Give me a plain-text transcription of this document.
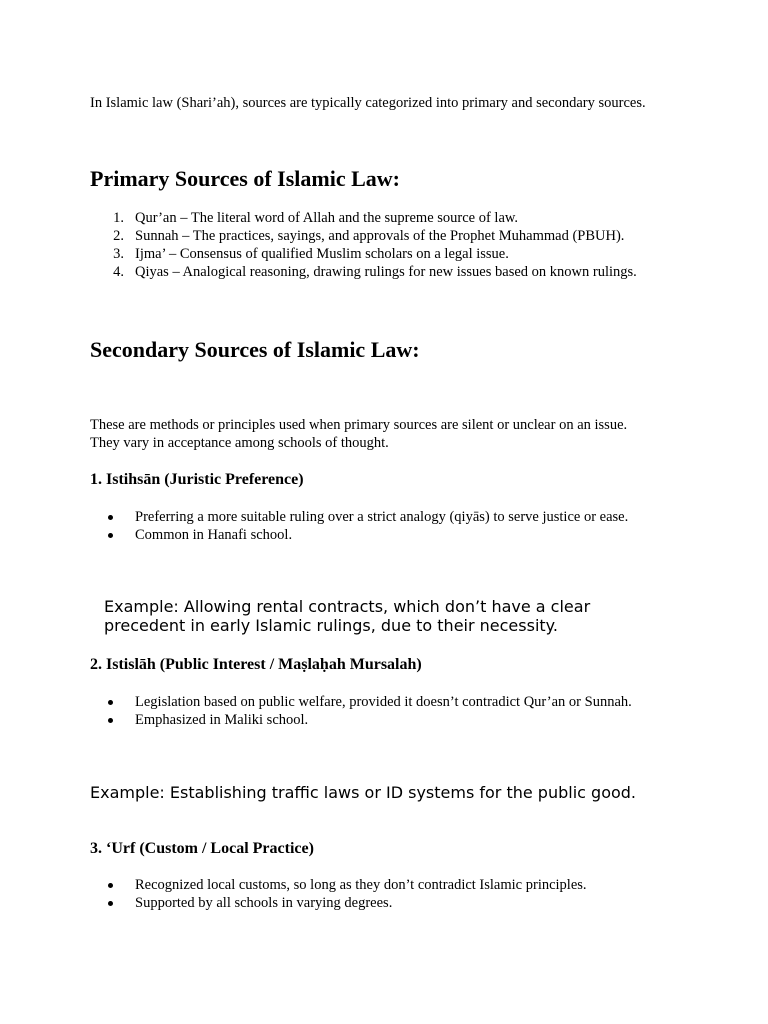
In Islamic law (Shari’ah), sources are typically categorized into primary and secondary sources.

Primary Sources of Islamic Law:
1. Qur’an – The literal word of Allah and the supreme source of law.
2. Sunnah – The practices, sayings, and approvals of the Prophet Muhammad (PBUH).
3. Ijma’ – Consensus of qualified Muslim scholars on a legal issue.
4. Qiyas – Analogical reasoning, drawing rulings for new issues based on known rulings.
Secondary Sources of Islamic Law:

These are methods or principles used when primary sources are silent or unclear on an issue.

They vary in acceptance among schools of thought.

1. Istihsān (Juristic Preference)
Preferring a more suitable ruling over a strict analogy (qiyās) to serve justice or ease.
Common in Hanafi school.

Example: Allowing rental contracts, which don’t have a clear

precedent in early Islamic rulings, due to their necessity.

2. Istislāh (Public Interest / Maṣlaḥah Mursalah)
Legislation based on public welfare, provided it doesn’t contradict Qur’an or Sunnah.
Emphasized in Maliki school.

Example: Establishing traffic laws or ID systems for the public good.

3. ‘Urf (Custom / Local Practice)
Recognized local customs, so long as they don’t contradict Islamic principles.
Supported by all schools in varying degrees.
